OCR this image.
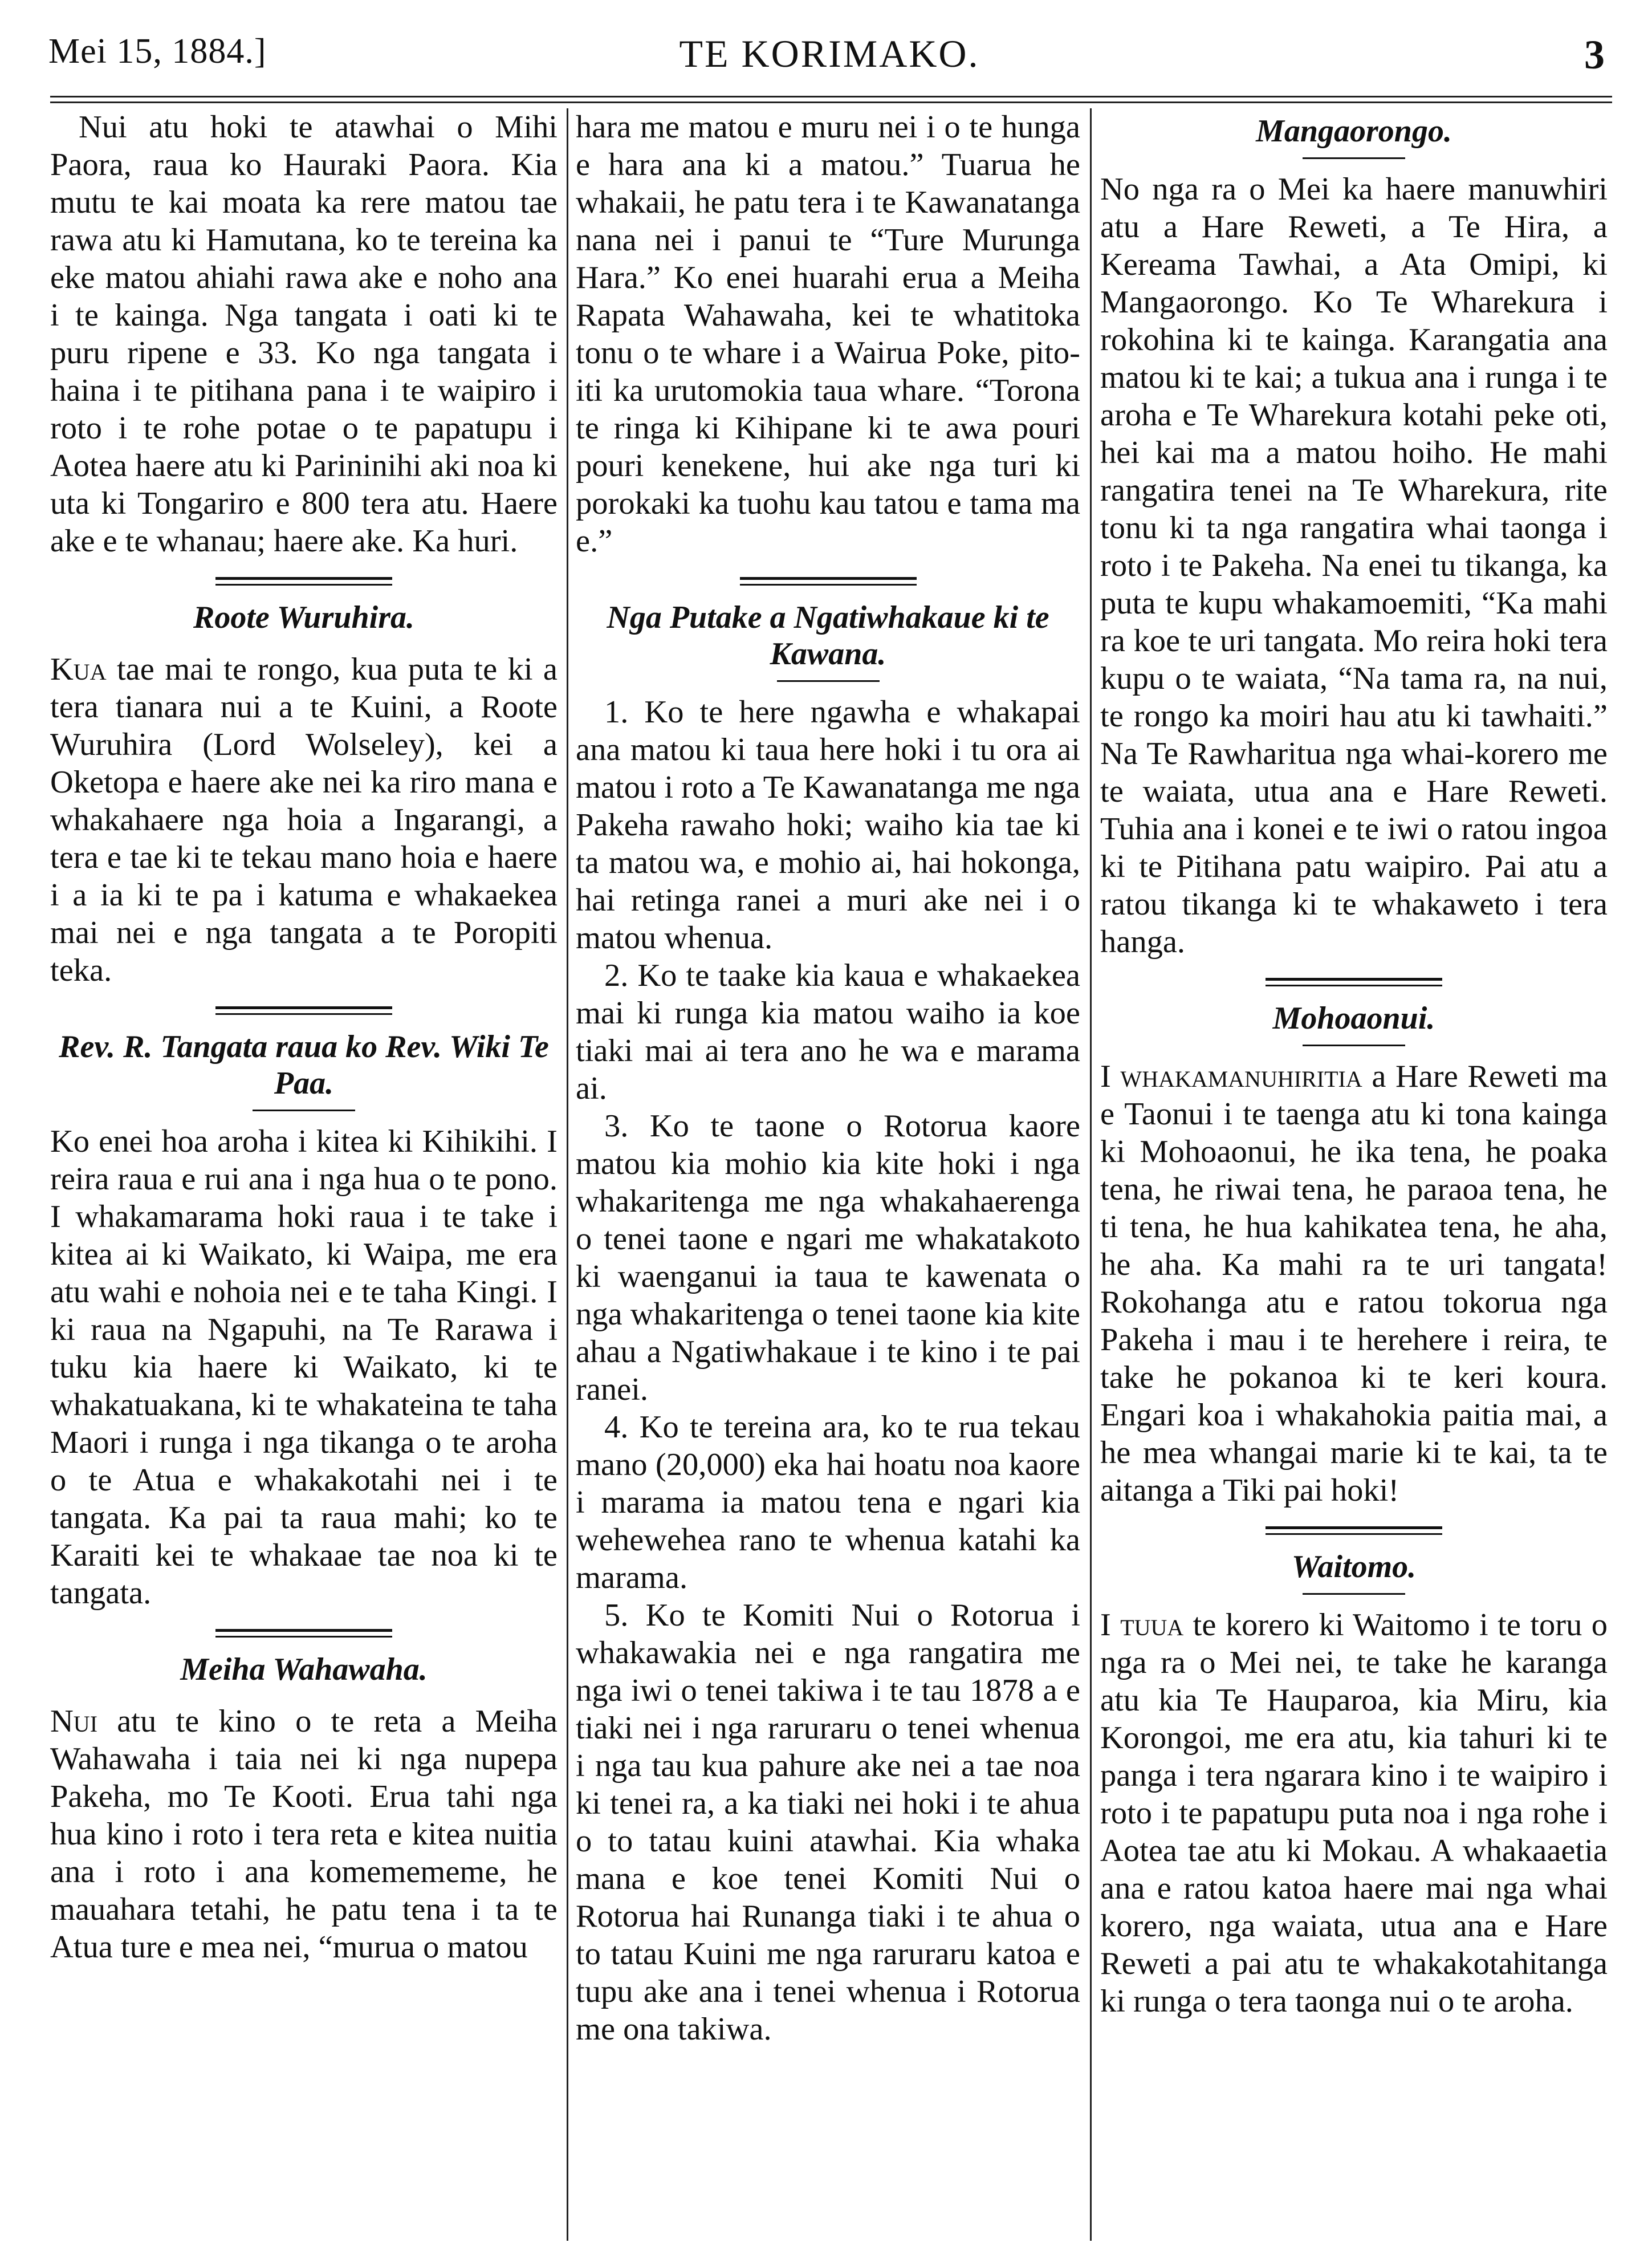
Mei 15, 1884.]	TE KORIMAKO.	3

Nui atu hoki te atawhai o Mihi Paora, raua ko Hauraki Paora. Kia mutu te kai moata ka rere matou tae rawa atu ki Hamutana, ko te tereina ka eke matou ahiahi rawa ake e noho ana i te kainga. Nga tangata i oati ki te puru ripene e 33. Ko nga tangata i haina i te pitihana pana i te waipiro i roto i te rohe potae o te papatupu i Aotea haere atu ki Parininihi aki noa ki uta ki Tongariro e 800 tera atu. Haere ake e te whanau; haere ake. Ka huri.

Roote Wuruhira.

Kua tae mai te rongo, kua puta te ki a tera tianara nui a te Kuini, a Roote Wuruhira (Lord Wolseley), kei a Oketopa e haere ake nei ka riro mana e whakahaere nga hoia a Ingarangi, a tera e tae ki te tekau mano hoia e haere i a ia ki te pa i katuma e whakaekea mai nei e nga tangata a te Poropiti teka.

Rev. R. Tangata raua ko Rev. Wiki Te Paa.

Ko enei hoa aroha i kitea ki Kihikihi. I reira raua e rui ana i nga hua o te pono. I whakamarama hoki raua i te take i kitea ai ki Waikato, ki Waipa, me era atu wahi e nohoia nei e te taha Kingi. I ki raua na Ngapuhi, na Te Rarawa i tuku kia haere ki Waikato, ki te whakatuakana, ki te whakateina te taha Maori i runga i nga tikanga o te aroha o te Atua e whakakotahi nei i te tangata. Ka pai ta raua mahi; ko te Karaiti kei te whakaae tae noa ki te tangata.

Meiha Wahawaha.

Nui atu te kino o te reta a Meiha Wahawaha i taia nei ki nga nupepa Pakeha, mo Te Kooti. Erua tahi nga hua kino i roto i tera reta e kitea nuitia ana i roto i ana komemememe, he mauahara tetahi, he patu tena i ta te Atua ture e mea nei, “murua o matou

hara me matou e muru nei i o te hunga e hara ana ki a matou.” Tuarua he whakaii, he patu tera i te Kawanatanga nana nei i panui te “Ture Murunga Hara.” Ko enei huarahi erua a Meiha Rapata Wahawaha, kei te whatitoka tonu o te whare i a Wairua Poke, pito-iti ka urutomokia taua whare. “Torona te ringa ki Kihipane ki te awa pouri pouri kenekene, hui ake nga turi ki porokaki ka tuohu kau tatou e tama ma e.”

Nga Putake a Ngatiwhakaue ki te Kawana.

1. Ko te here ngawha e whakapai ana matou ki taua here hoki i tu ora ai matou i roto a Te Kawanatanga me nga Pakeha rawaho hoki; waiho kia tae ki ta matou wa, e mohio ai, hai hokonga, hai retinga ranei a muri ake nei i o matou whenua.

2. Ko te taake kia kaua e whakaekea mai ki runga kia matou waiho ia koe tiaki mai ai tera ano he wa e marama ai.

3. Ko te taone o Rotorua kaore matou kia mohio kia kite hoki i nga whakaritenga me nga whakahaerenga o tenei taone e ngari me whakatakoto ki waenganui ia taua te kawenata o nga whakaritenga o tenei taone kia kite ahau a Ngatiwhakaue i te kino i te pai ranei.

4. Ko te tereina ara, ko te rua tekau mano (20,000) eka hai hoatu noa kaore i marama ia matou tena e ngari kia wehewehea rano te whenua katahi ka marama.

5. Ko te Komiti Nui o Rotorua i whakawakia nei e nga rangatira me nga iwi o tenei takiwa i te tau 1878 a e tiaki nei i nga raruraru o tenei whenua i nga tau kua pahure ake nei a tae noa ki tenei ra, a ka tiaki nei hoki i te ahua o to tatau kuini atawhai. Kia whaka mana e koe tenei Komiti Nui o Rotorua hai Runanga tiaki i te ahua o to tatau Kuini me nga raruraru katoa e tupu ake ana i tenei whenua i Rotorua me ona takiwa.

Mangaorongo.

No nga ra o Mei ka haere manuwhiri atu a Hare Reweti, a Te Hira, a Kereama Tawhai, a Ata Omipi, ki Mangaorongo. Ko Te Wharekura i rokohina ki te kainga. Karangatia ana matou ki te kai; a tukua ana i runga i te aroha e Te Wharekura kotahi peke oti, hei kai ma a matou hoiho. He mahi rangatira tenei na Te Wharekura, rite tonu ki ta nga rangatira whai taonga i roto i te Pakeha. Na enei tu tikanga, ka puta te kupu whakamoemiti, “Ka mahi ra koe te uri tangata. Mo reira hoki tera kupu o te waiata, “Na tama ra, na nui, te rongo ka moiri hau atu ki tawhaiti.” Na Te Rawharitua nga whai-korero me te waiata, utua ana e Hare Reweti. Tuhia ana i konei e te iwi o ratou ingoa ki te Pitihana patu waipiro. Pai atu a ratou tikanga ki te whakaweto i tera hanga.

Mohoaonui.

I whakamanuhiritia a Hare Reweti ma e Taonui i te taenga atu ki tona kainga ki Mohoaonui, he ika tena, he poaka tena, he riwai tena, he paraoa tena, he ti tena, he hua kahikatea tena, he aha, he aha. Ka mahi ra te uri tangata! Rokohanga atu e ratou tokorua nga Pakeha i mau i te herehere i reira, te take he pokanoa ki te keri koura. Engari koa i whakahokia paitia mai, a he mea whangai marie ki te kai, ta te aitanga a Tiki pai hoki!

Waitomo.

I tuua te korero ki Waitomo i te toru o nga ra o Mei nei, te take he karanga atu kia Te Hauparoa, kia Miru, kia Korongoi, me era atu, kia tahuri ki te panga i tera ngarara kino i te waipiro i roto i te papatupu puta noa i nga rohe i Aotea tae atu ki Mokau. A whakaaetia ana e ratou katoa haere mai nga whai korero, nga waiata, utua ana e Hare Reweti a pai atu te whakakotahitanga ki runga o tera taonga nui o te aroha.
